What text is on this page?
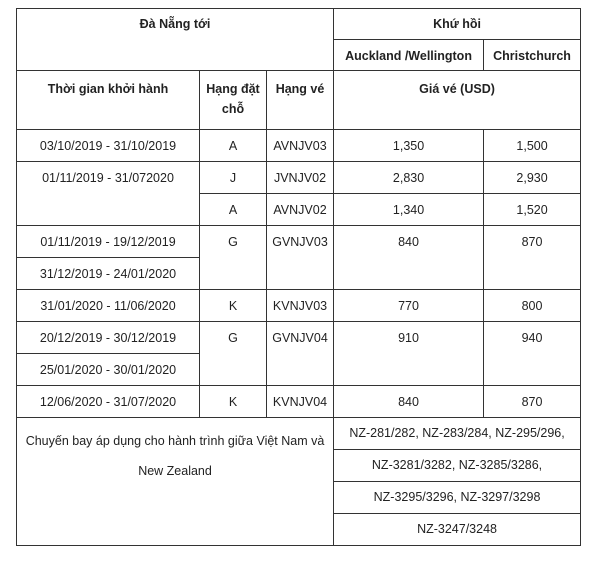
Đà Nẵng tới			Khứ hồi	

			Auckland /Wellington	Christchurch

Thời gian khởi hành	Hạng đặt chỗ	Hạng vé	Giá vé (USD)	

03/10/2019 - 31/10/2019	A	AVNJV03	1,350	1,500

01/11/2019 - 31/072020	J	JVNJV02	2,830	2,930

	A	AVNJV02	1,340	1,520

01/11/2019 - 19/12/2019	G	GVNJV03	840	870

31/12/2019 - 24/01/2020				

31/01/2020 - 11/06/2020	K	KVNJV03	770	800

20/12/2019 - 30/12/2019	G	GVNJV04	910	940

25/01/2020 - 30/01/2020				

12/06/2020 - 31/07/2020	K	KVNJV04	840	870

Chuyến bay áp dụng cho hành trình giữa Việt Nam và New Zealand			NZ-281/282, NZ-283/284, NZ-295/296,	

			NZ-3281/3282, NZ-3285/3286,	

			NZ-3295/3296, NZ-3297/3298	

			NZ-3247/3248	
